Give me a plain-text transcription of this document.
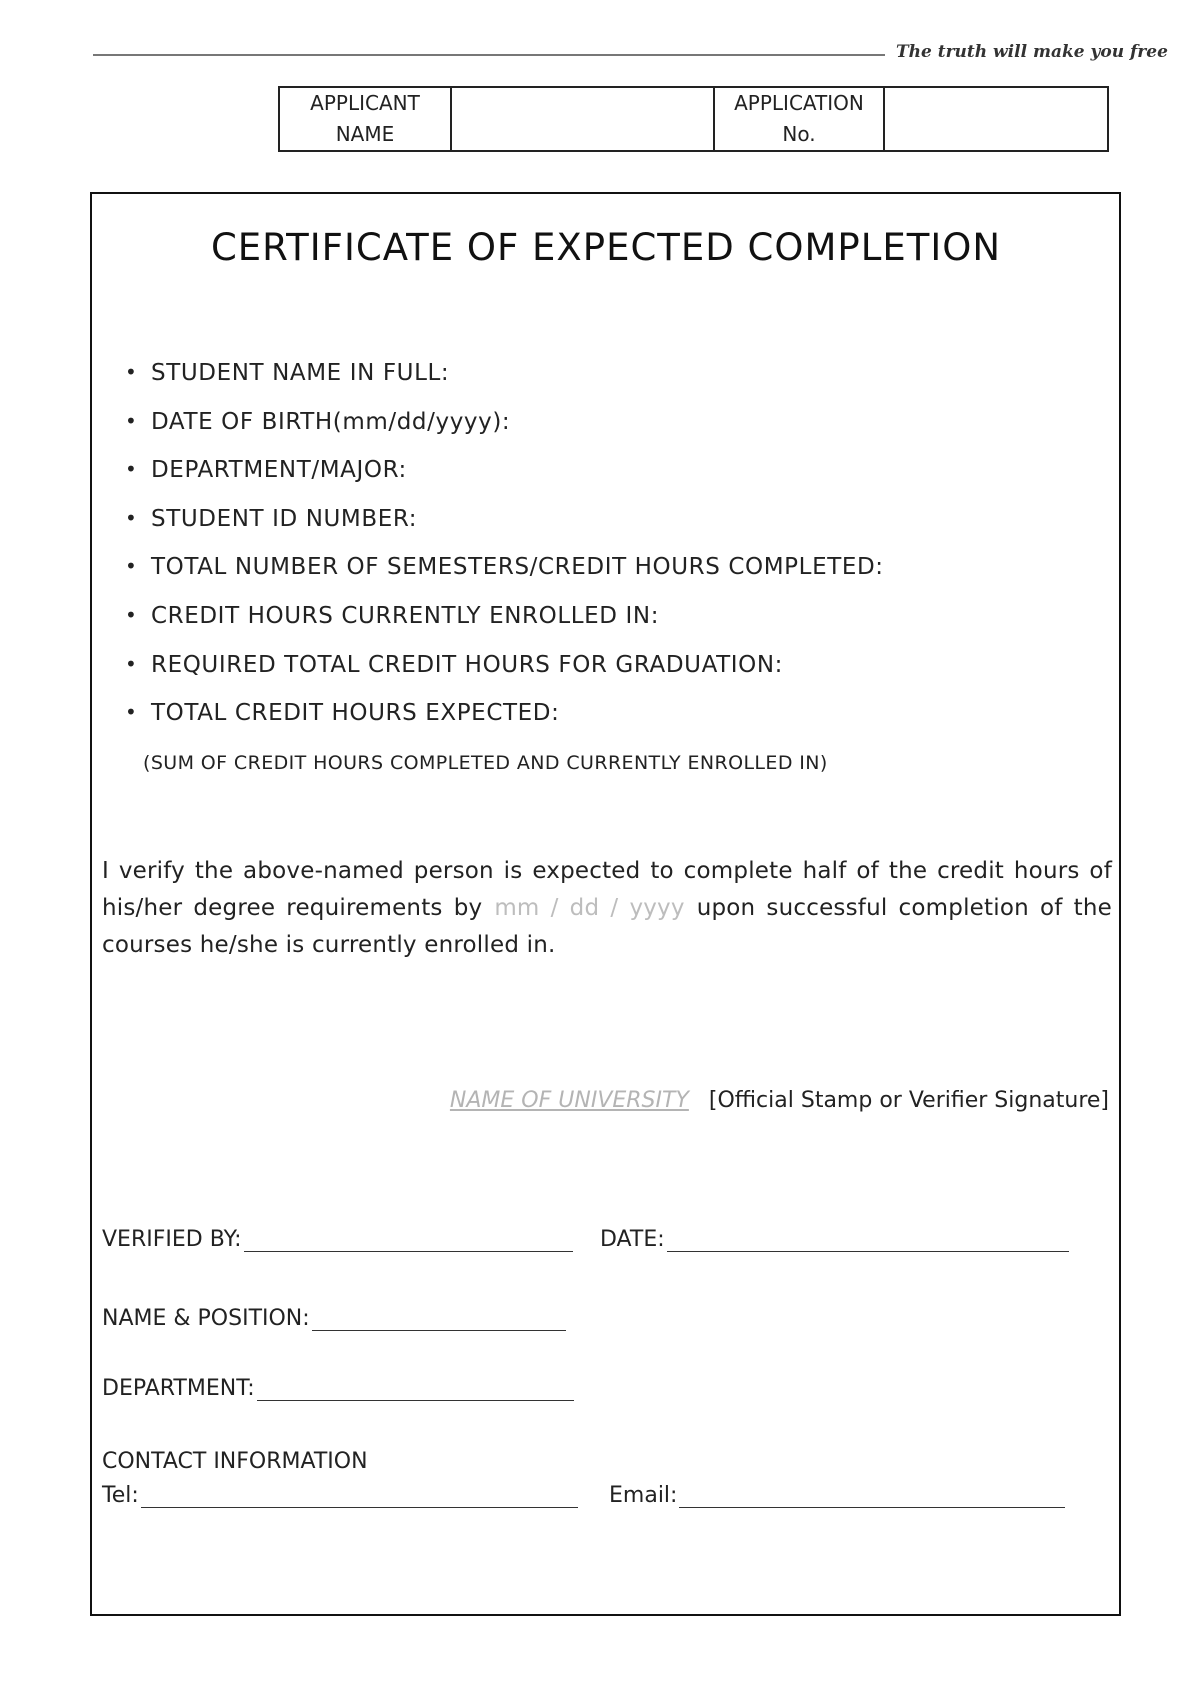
The truth will make you free
APPLICANT NAME		APPLICATION No.	
CERTIFICATE OF EXPECTED COMPLETION
• STUDENT NAME IN FULL:
• DATE OF BIRTH(mm/dd/yyyy):
• DEPARTMENT/MAJOR:
• STUDENT ID NUMBER:
• TOTAL NUMBER OF SEMESTERS/CREDIT HOURS COMPLETED:
• CREDIT HOURS CURRENTLY ENROLLED IN:
• REQUIRED TOTAL CREDIT HOURS FOR GRADUATION:
• TOTAL CREDIT HOURS EXPECTED:
(SUM OF CREDIT HOURS COMPLETED AND CURRENTLY ENROLLED IN)
I verify the above-named person is expected to complete half of the credit hours of his/her degree requirements by mm / dd / yyyy upon successful completion of the courses he/she is currently enrolled in.
NAME OF UNIVERSITY [Official Stamp or Verifier Signature]
VERIFIED BY:	DATE:
NAME & POSITION:
DEPARTMENT:
CONTACT INFORMATION
Tel:	Email:
